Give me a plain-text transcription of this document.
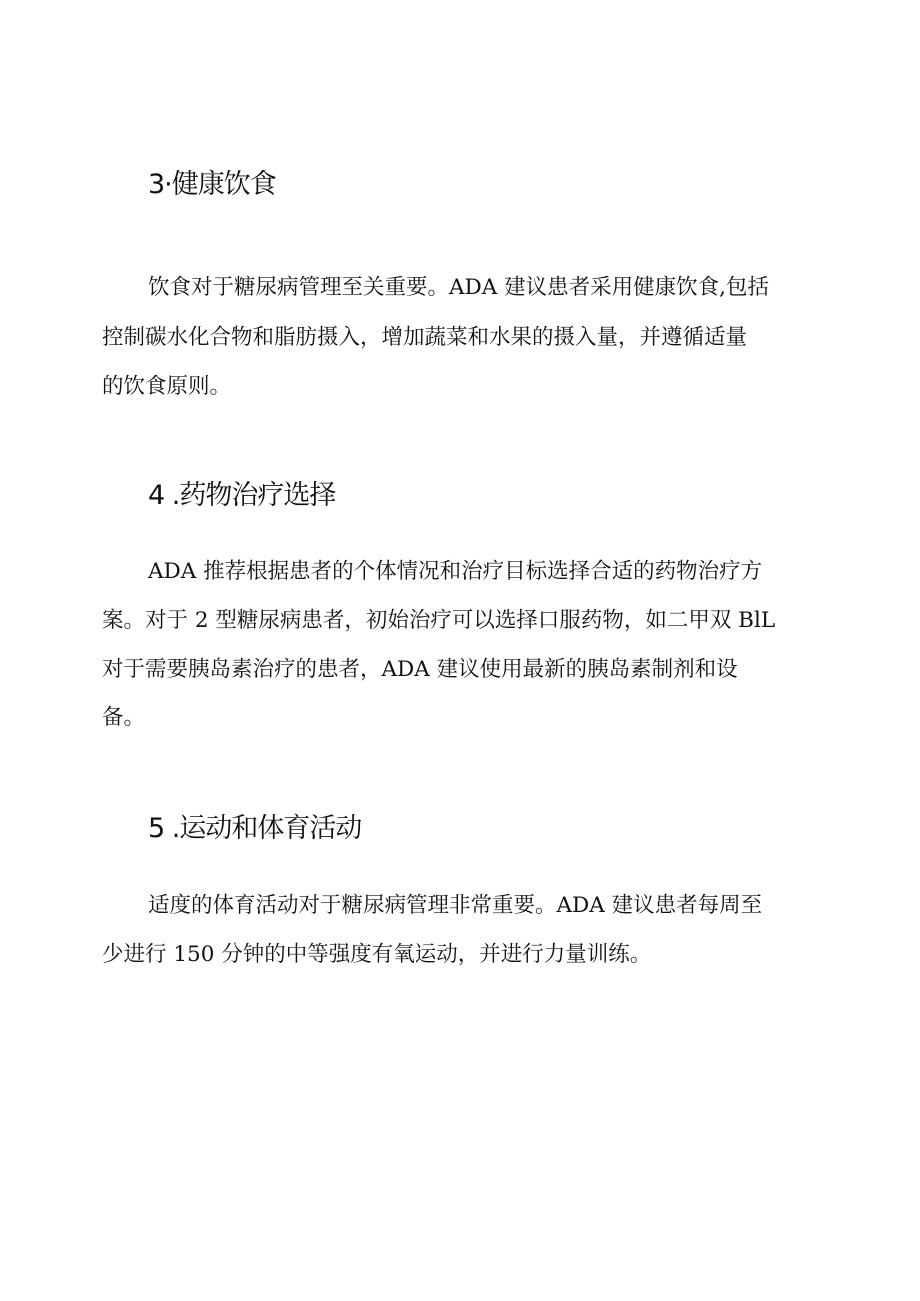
3·健康饮食

饮食对于糖尿病管理至关重要。ADA 建议患者采用健康饮食,包括

控制碳水化合物和脂肪摄入，增加蔬菜和水果的摄入量，并遵循适量

的饮食原则。

4 .药物治疗选择

ADA 推荐根据患者的个体情况和治疗目标选择合适的药物治疗方

案。对于 2 型糖尿病患者，初始治疗可以选择口服药物，如二甲双 BlL

对于需要胰岛素治疗的患者，ADA 建议使用最新的胰岛素制剂和设

备。

5 .运动和体育活动

适度的体育活动对于糖尿病管理非常重要。ADA 建议患者每周至

少进行 150 分钟的中等强度有氧运动，并进行力量训练。
